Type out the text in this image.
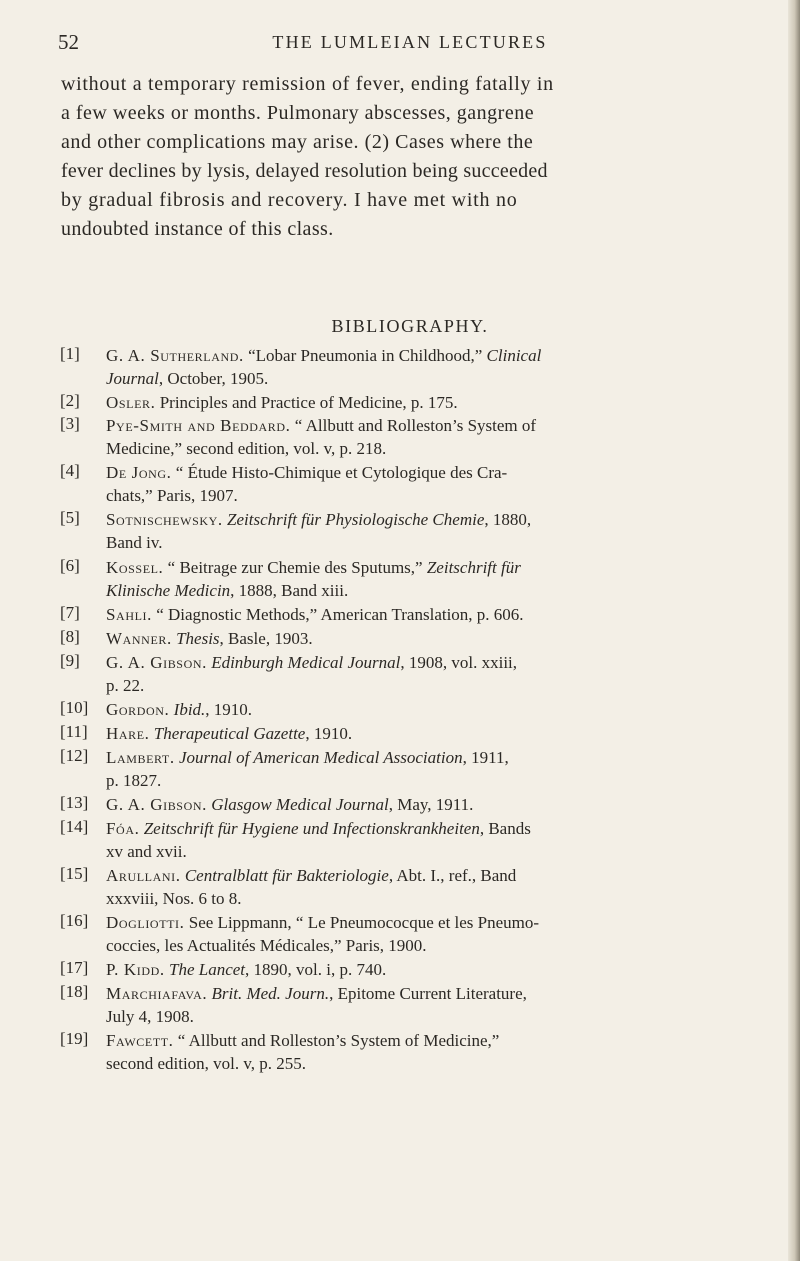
52	THE LUMLEIAN LECTURES
without a temporary remission of fever, ending fatally in
a few weeks or months. Pulmonary abscesses, gangrene
and other complications may arise. (2) Cases where the
fever declines by lysis, delayed resolution being succeeded
by gradual fibrosis and recovery. I have met with no
undoubted instance of this class.
BIBLIOGRAPHY.
[1]	G. A. Sutherland. “Lobar Pneumonia in Childhood,” Clinical
Journal, October, 1905.
[2]	Osler. Principles and Practice of Medicine, p. 175.
[3]	Pye-Smith and Beddard. “ Allbutt and Rolleston’s System of
Medicine,” second edition, vol. v, p. 218.
[4]	De Jong. “ Étude Histo-Chimique et Cytologique des Cra-
chats,” Paris, 1907.
[5]	Sotnischewsky. Zeitschrift für Physiologische Chemie, 1880,
Band iv.
[6]	Kossel. “ Beitrage zur Chemie des Sputums,” Zeitschrift für
Klinische Medicin, 1888, Band xiii.
[7]	Sahli. “ Diagnostic Methods,” American Translation, p. 606.
[8]	Wanner. Thesis, Basle, 1903.
[9]	G. A. Gibson. Edinburgh Medical Journal, 1908, vol. xxiii,
p. 22.
[10]	Gordon. Ibid., 1910.
[11]	Hare. Therapeutical Gazette, 1910.
[12]	Lambert. Journal of American Medical Association, 1911,
p. 1827.
[13]	G. A. Gibson. Glasgow Medical Journal, May, 1911.
[14]	Fóa. Zeitschrift für Hygiene und Infectionskrankheiten, Bands
xv and xvii.
[15]	Arullani. Centralblatt für Bakteriologie, Abt. I., ref., Band
xxxviii, Nos. 6 to 8.
[16]	Dogliotti. See Lippmann, “ Le Pneumococque et les Pneumo-
coccies, les Actualités Médicales,” Paris, 1900.
[17]	P. Kidd. The Lancet, 1890, vol. i, p. 740.
[18]	Marchiafava. Brit. Med. Journ., Epitome Current Literature,
July 4, 1908.
[19]	Fawcett. “ Allbutt and Rolleston’s System of Medicine,”
second edition, vol. v, p. 255.
